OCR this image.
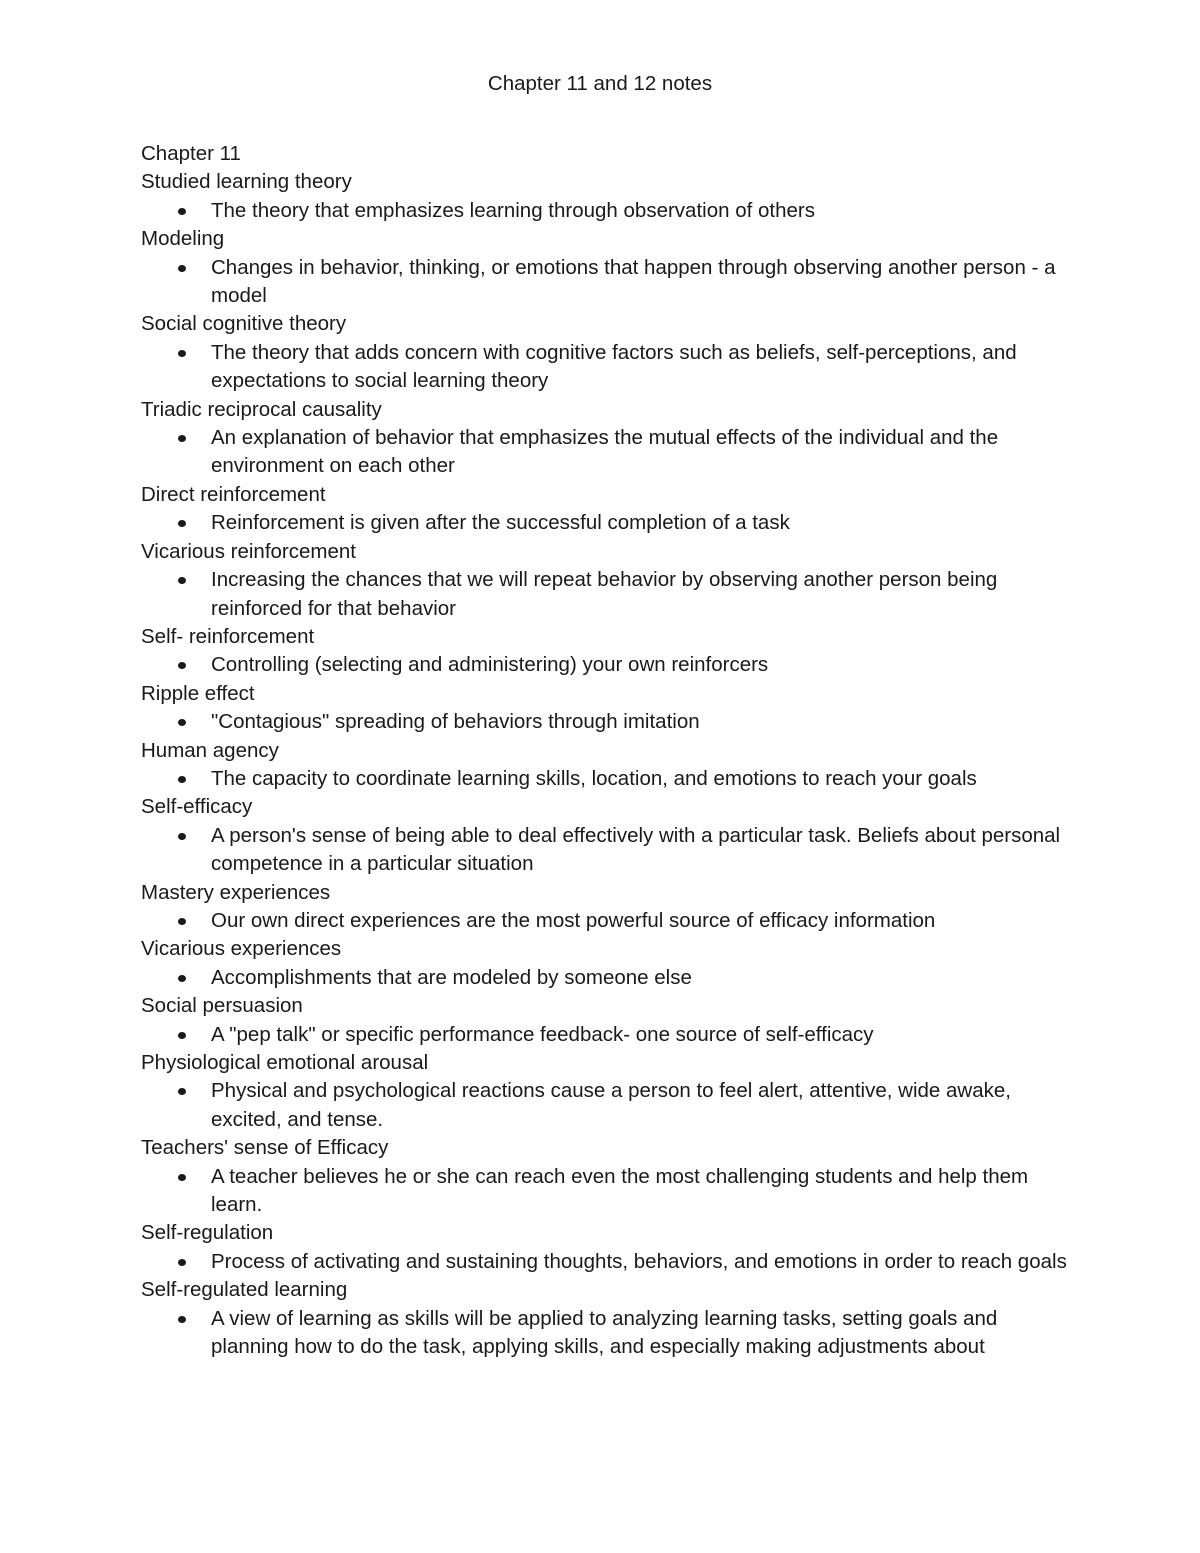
Chapter 11 and 12 notes
Chapter 11
Studied learning theory
The theory that emphasizes learning through observation of others
Modeling
Changes in behavior, thinking, or emotions that happen through observing another person - a model
Social cognitive theory
The theory that adds concern with cognitive factors such as beliefs, self-perceptions, and expectations to social learning theory
Triadic reciprocal causality
An explanation of behavior that emphasizes the mutual effects of the individual and the environment on each other
Direct reinforcement
Reinforcement is given after the successful completion of a task
Vicarious reinforcement
Increasing the chances that we will repeat behavior by observing another person being reinforced for that behavior
Self- reinforcement
Controlling (selecting and administering) your own reinforcers
Ripple effect
"Contagious" spreading of behaviors through imitation
Human agency
The capacity to coordinate learning skills, location, and emotions to reach your goals
Self-efficacy
A person's sense of being able to deal effectively with a particular task. Beliefs about personal competence in a particular situation
Mastery experiences
Our own direct experiences are the most powerful source of efficacy information
Vicarious experiences
Accomplishments that are modeled by someone else
Social persuasion
A "pep talk" or specific performance feedback- one source of self-efficacy
Physiological emotional arousal
Physical and psychological reactions cause a person to feel alert, attentive, wide awake, excited, and tense.
Teachers' sense of Efficacy
A teacher believes he or she can reach even the most challenging students and help them learn.
Self-regulation
Process of activating and sustaining thoughts, behaviors, and emotions in order to reach goals
Self-regulated learning
A view of learning as skills will be applied to analyzing learning tasks, setting goals and planning how to do the task, applying skills, and especially making adjustments about
